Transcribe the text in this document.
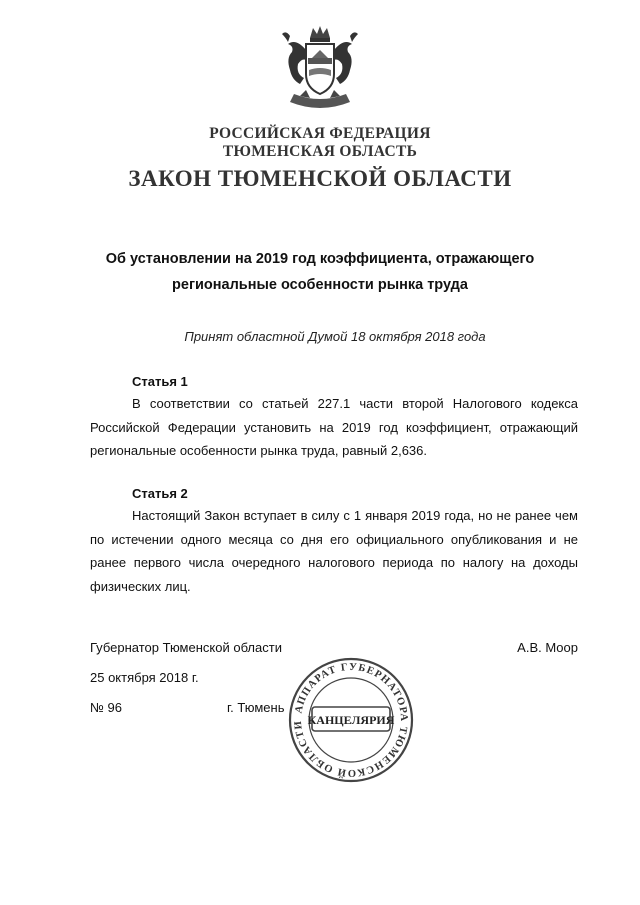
РОССИЙСКАЯ ФЕДЕРАЦИЯ
ТЮМЕНСКАЯ ОБЛАСТЬ
ЗАКОН ТЮМЕНСКОЙ ОБЛАСТИ
Об установлении на 2019 год коэффициента, отражающего
региональные особенности рынка труда
Принят областной Думой 18 октября 2018 года
Статья 1
В соответствии со статьей 227.1 части второй Налогового кодекса Российской Федерации установить на 2019 год коэффициент, отражающий региональные особенности рынка труда, равный 2,636.
Статья 2
Настоящий Закон вступает в силу с 1 января 2019 года, но не ранее чем по истечении одного месяца со дня его официального опубликования и не ранее первого числа очередного налогового периода по налогу на доходы физических лиц.
Губернатор Тюменской области	А.В. Моор
25 октября 2018 г.
№ 96	г. Тюмень АППАРАТ ГУБЕРНАТОРА ТЮМЕНСКОЙ ОБЛАСТИ КАНЦЕЛЯРИЯ
